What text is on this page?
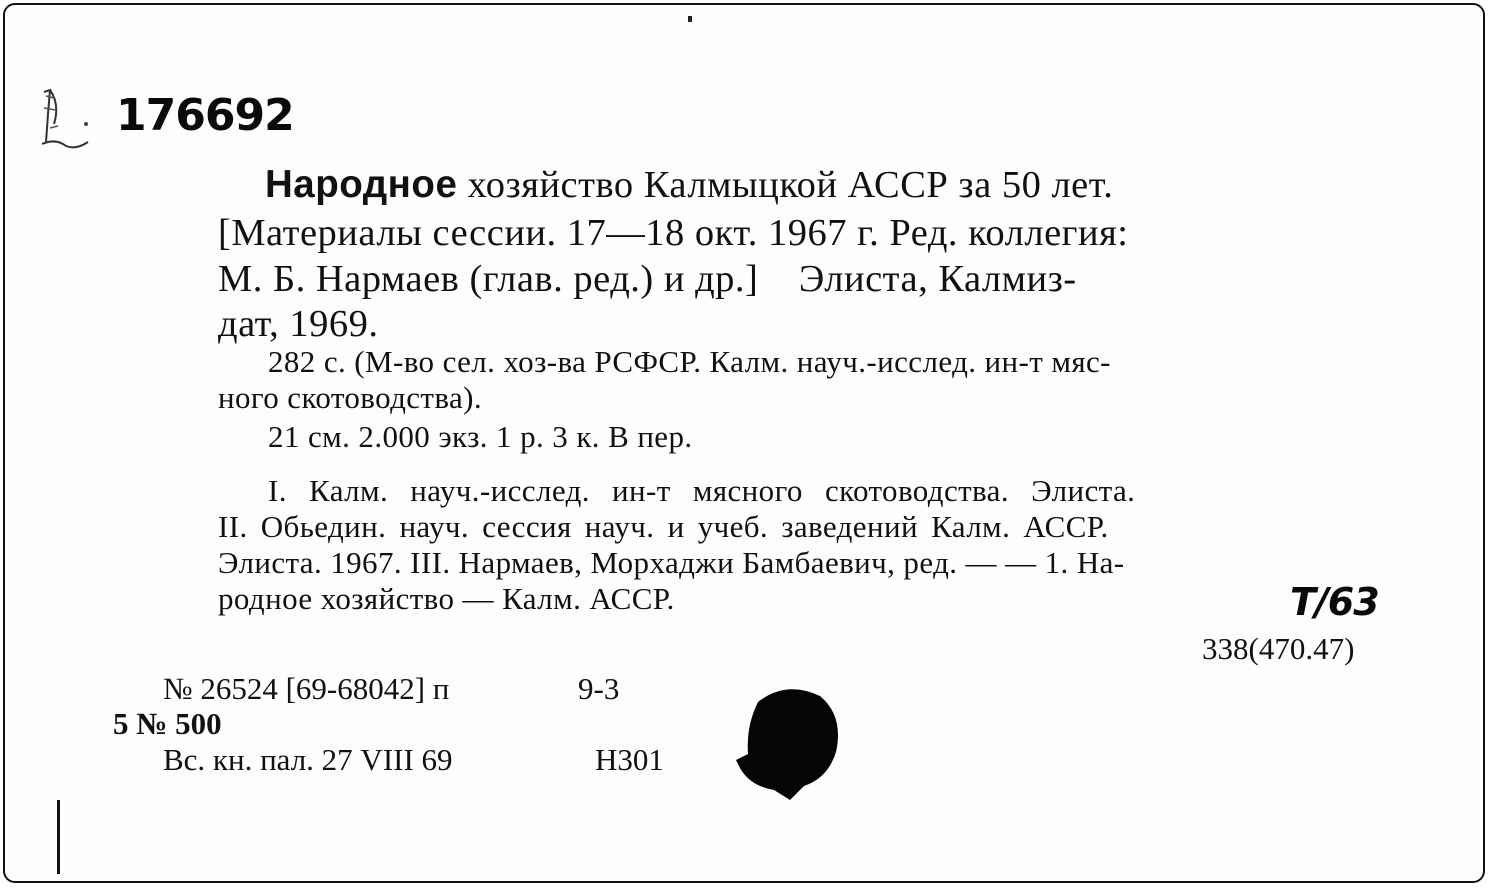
176692
Народное хозяйство Калмыцкой АССР за 50 лет.
[Материалы сессии. 17—18 окт. 1967 г. Ред. коллегия:
М. Б. Нармаев (глав. ред.) и др.]    Элиста, Калмиз-
дат, 1969.
282 с. (М-во сел. хоз-ва РСФСР. Калм. науч.-исслед. ин-т мяс-
ного скотоводства).
21 см. 2.000 экз. 1 р. 3 к. В пер.
I. Калм. науч.-исслед. ин-т мясного скотоводства. Элиста.
II. Обьедин. науч. сессия науч. и учеб. заведений Калм. АССР.
Элиста. 1967. III. Нармаев, Морхаджи Бамбаевич, ред. — — 1. На-
родное хозяйство — Калм. АССР.	Т/63
338(470.47)
№ 26524 [69-68042] п	9-3
5 № 500
Вс. кн. пал. 27 VIII 69	Н301
